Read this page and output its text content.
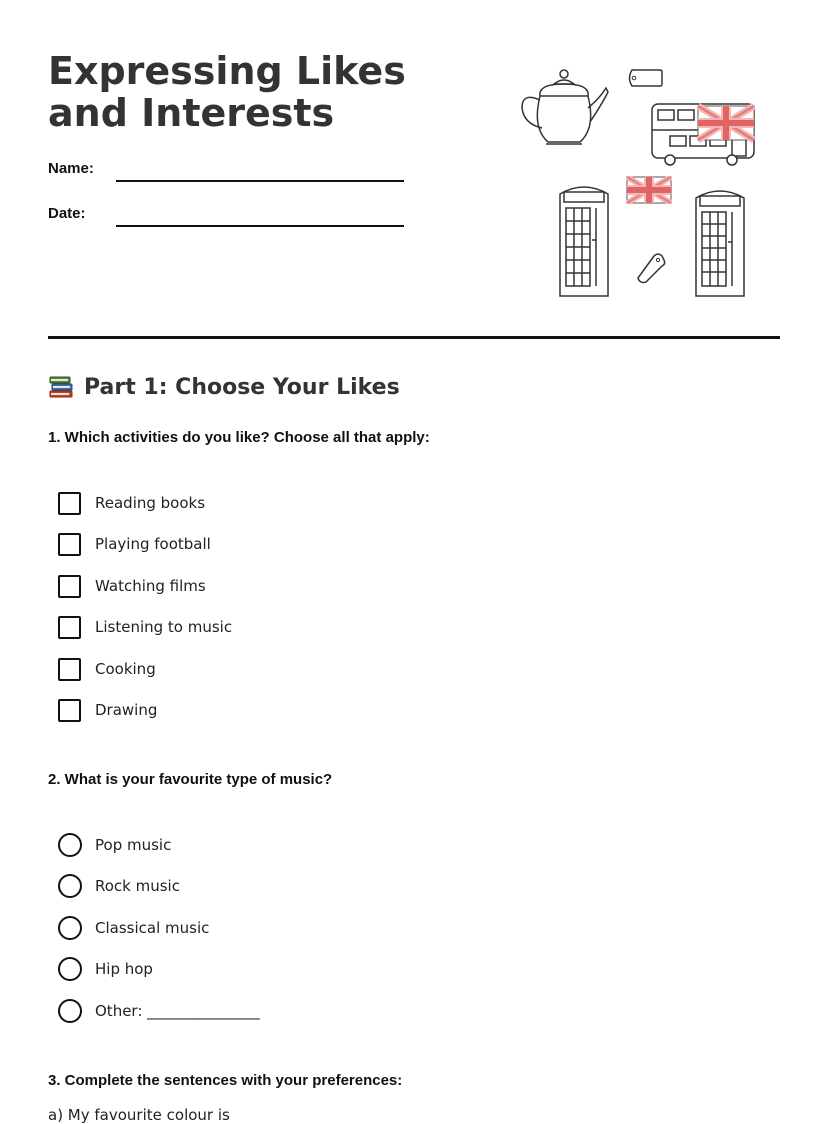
Expressing Likes and Interests
Name:
Date:
Part 1: Choose Your Likes
1. Which activities do you like? Choose all that apply:
Reading books
Playing football
Watching films
Listening to music
Cooking
Drawing
2. What is your favourite type of music?
Pop music
Rock music
Classical music
Hip hop
Other: _______________
3. Complete the sentences with your preferences:
a) My favourite colour is
